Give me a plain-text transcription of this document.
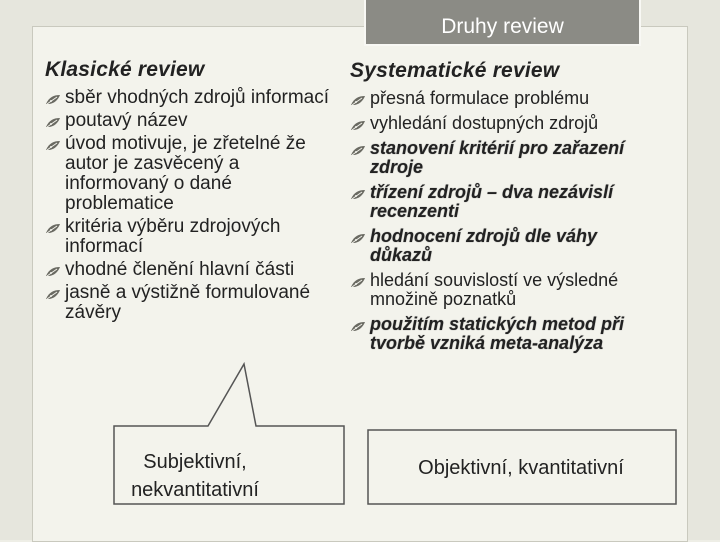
Druhy review
Klasické review	Systematické review
sběr vhodných zdrojů informací
poutavý název
úvod motivuje, je zřetelné že autor je zasvěcený a informovaný o dané problematice
kritéria výběru zdrojových informací
vhodné členění hlavní části
jasně a výstižně formulované závěry
přesná formulace problému
vyhledání dostupných zdrojů
stanovení kritérií pro zařazení zdroje
třízení zdrojů – dva nezávislí recenzenti
hodnocení zdrojů dle váhy důkazů
hledání souvislostí ve výsledné množině poznatků
použitím statických metod při tvorbě vzniká meta-analýza
Subjektivní, nekvantitativní
Objektivní, kvantitativní
